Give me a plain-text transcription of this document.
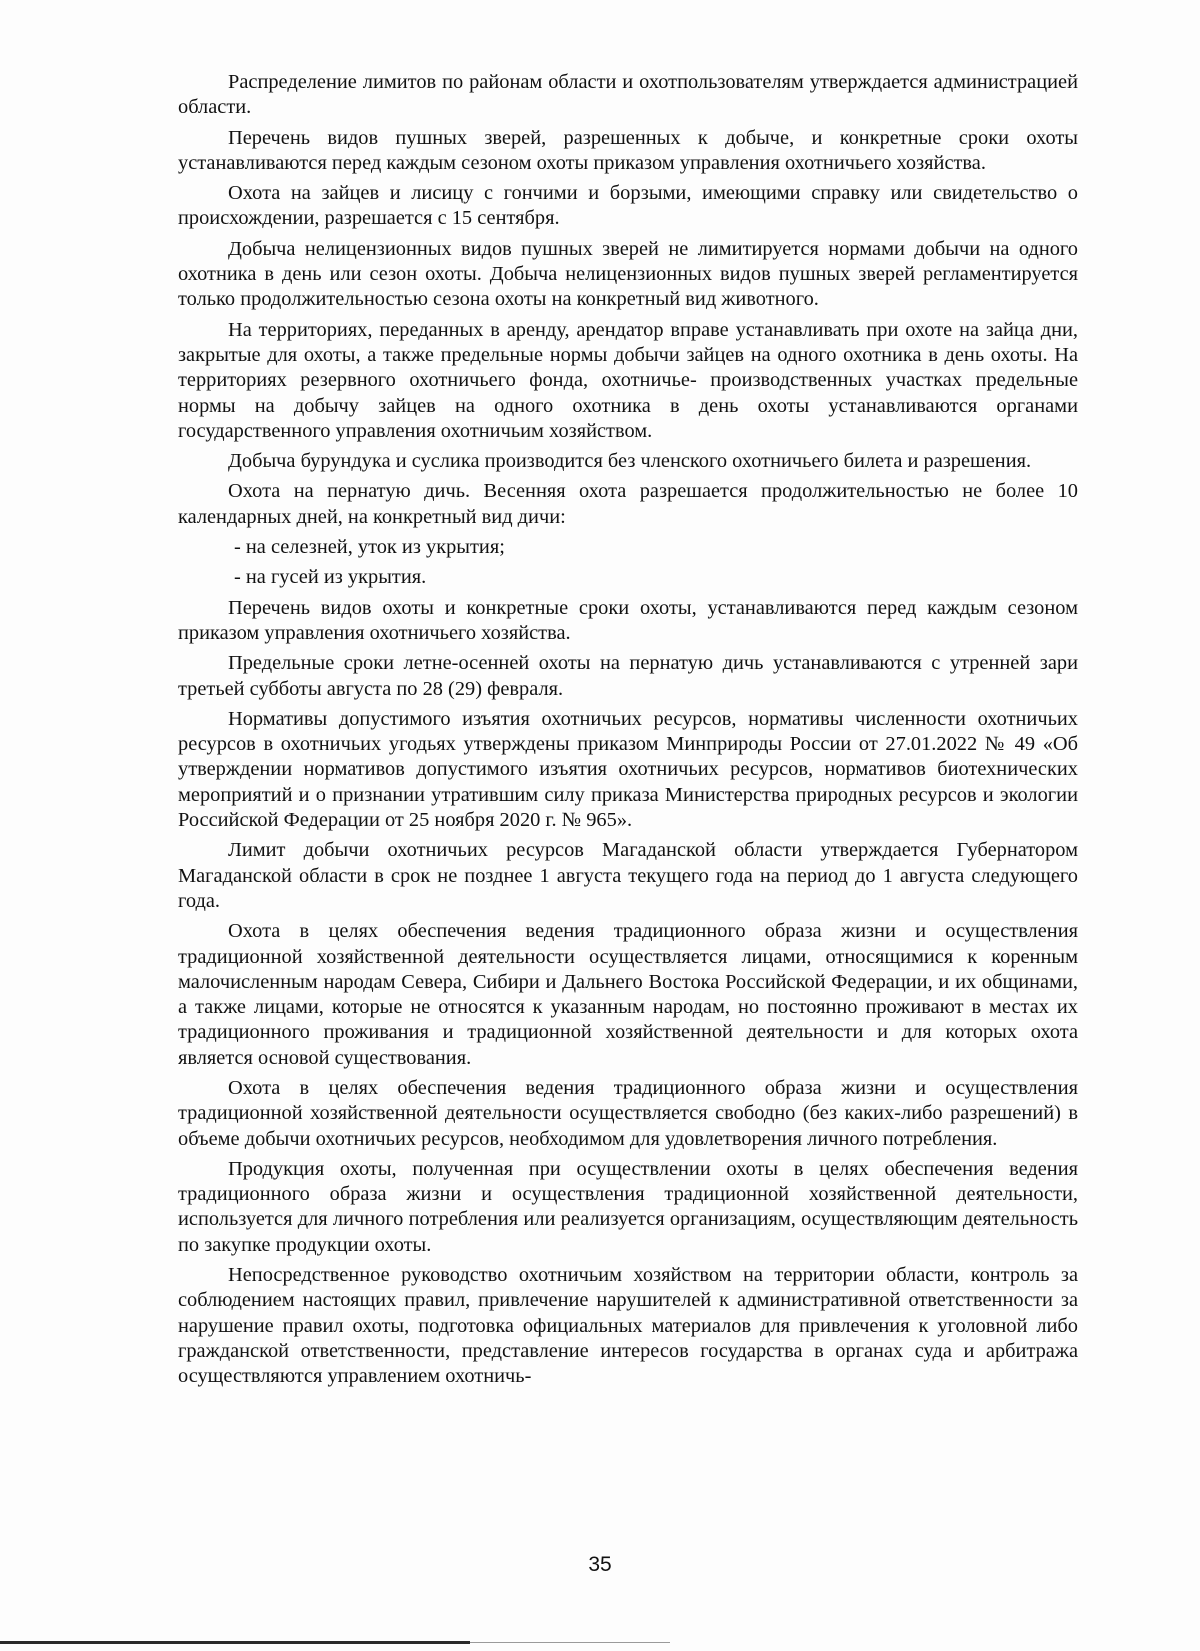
Распределение лимитов по районам области и охотпользователям утверждается администрацией области.

Перечень видов пушных зверей, разрешенных к добыче, и конкретные сроки охоты устанавливаются перед каждым сезоном охоты приказом управления охотничьего хозяйства.

Охота на зайцев и лисицу с гончими и борзыми, имеющими справку или свидетельство о происхождении, разрешается с 15 сентября.

Добыча нелицензионных видов пушных зверей не лимитируется нормами добычи на одного охотника в день или сезон охоты. Добыча нелицензионных видов пушных зверей регламентируется только продолжительностью сезона охоты на конкретный вид животного.

На территориях, переданных в аренду, арендатор вправе устанавливать при охоте на зайца дни, закрытые для охоты, а также предельные нормы добычи зайцев на одного охотника в день охоты. На территориях резервного охотничьего фонда, охотничье- производственных участках предельные нормы на добычу зайцев на одного охотника в день охоты устанавливаются органами государственного управления охотничьим хозяйством.

Добыча бурундука и суслика производится без членского охотничьего билета и разрешения.

Охота на пернатую дичь. Весенняя охота разрешается продолжительностью не более 10 календарных дней, на конкретный вид дичи:

- на селезней, уток из укрытия;

- на гусей из укрытия.

Перечень видов охоты и конкретные сроки охоты, устанавливаются перед каждым сезоном приказом управления охотничьего хозяйства.

Предельные сроки летне-осенней охоты на пернатую дичь устанавливаются с утренней зари третьей субботы августа по 28 (29) февраля.

Нормативы допустимого изъятия охотничьих ресурсов, нормативы численности охотничьих ресурсов в охотничьих угодьях утверждены приказом Минприроды России от 27.01.2022 № 49 «Об утверждении нормативов допустимого изъятия охотничьих ресурсов, нормативов биотехнических мероприятий и о признании утратившим силу приказа Министерства природных ресурсов и экологии Российской Федерации от 25 ноября 2020 г. № 965».

Лимит добычи охотничьих ресурсов Магаданской области утверждается Губернатором Магаданской области в срок не позднее 1 августа текущего года на период до 1 августа следующего года.

Охота в целях обеспечения ведения традиционного образа жизни и осуществления традиционной хозяйственной деятельности осуществляется лицами, относящимися к коренным малочисленным народам Севера, Сибири и Дальнего Востока Российской Федерации, и их общинами, а также лицами, которые не относятся к указанным народам, но постоянно проживают в местах их традиционного проживания и традиционной хозяйственной деятельности и для которых охота является основой существования.

Охота в целях обеспечения ведения традиционного образа жизни и осуществления традиционной хозяйственной деятельности осуществляется свободно (без каких-либо разрешений) в объеме добычи охотничьих ресурсов, необходимом для удовлетворения личного потребления.

Продукция охоты, полученная при осуществлении охоты в целях обеспечения ведения традиционного образа жизни и осуществления традиционной хозяйственной деятельности, используется для личного потребления или реализуется организациям, осуществляющим деятельность по закупке продукции охоты.

Непосредственное руководство охотничьим хозяйством на территории области, контроль за соблюдением настоящих правил, привлечение нарушителей к административной ответственности за нарушение правил охоты, подготовка официальных материалов для привлечения к уголовной либо гражданской ответственности, представление интересов государства в органах суда и арбитража осуществляются управлением охотничь-

35
